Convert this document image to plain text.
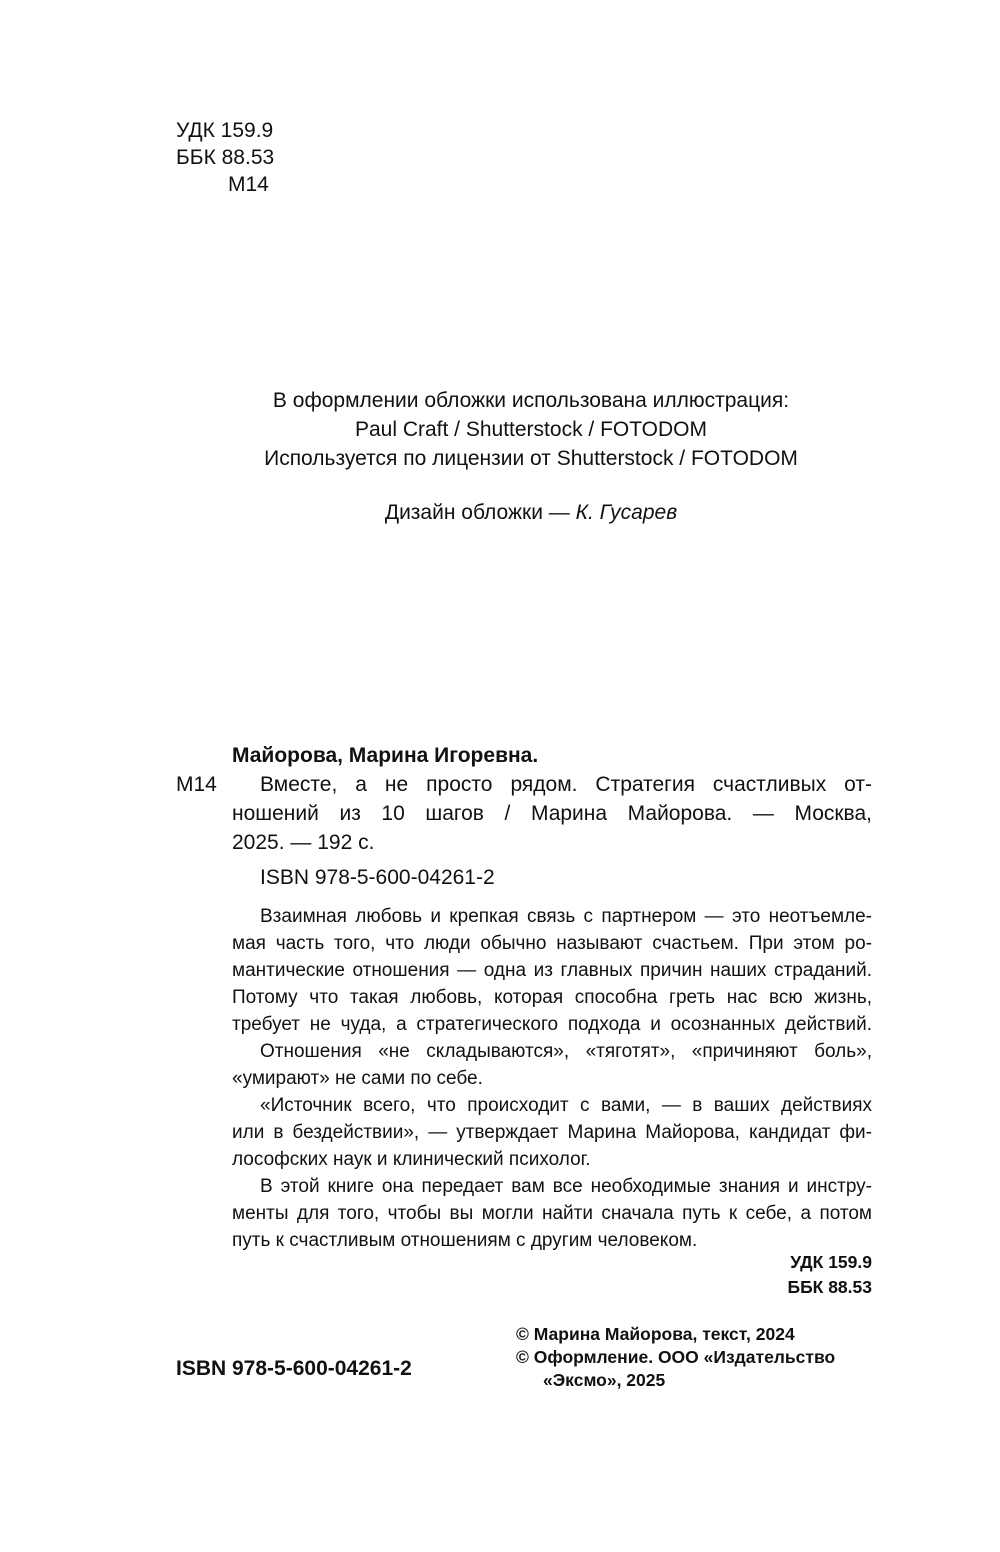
УДК 159.9
ББК 88.53
М14
В оформлении обложки использована иллюстрация:
Paul Craft / Shutterstock / FOTODOM
Используется по лицензии от Shutterstock / FOTODOM
Дизайн обложки — К. Гусарев
Майорова, Марина Игоревна.
М14 Вместе, а не просто рядом. Стратегия счастливых от-
ношений из 10 шагов / Марина Майорова. — Москва,
2025. — 192 с.
ISBN 978-5-600-04261-2
Взаимная любовь и крепкая связь с партнером — это неотъемле-
мая часть того, что люди обычно называют счастьем. При этом ро-
мантические отношения — одна из главных причин наших страданий.
Потому что такая любовь, которая способна греть нас всю жизнь,
требует не чуда, а стратегического подхода и осознанных действий.
Отношения «не складываются», «тяготят», «причиняют боль»,
«умирают» не сами по себе.
«Источник всего, что происходит с вами, — в ваших действиях
или в бездействии», — утверждает Марина Майорова, кандидат фи-
лософских наук и клинический психолог.
В этой книге она передает вам все необходимые знания и инстру-
менты для того, чтобы вы могли найти сначала путь к себе, а потом
путь к счастливым отношениям с другим человеком.
УДК 159.9
ББК 88.53
ISBN 978-5-600-04261-2
© Марина Майорова, текст, 2024
© Оформление. ООО «Издательство
«Эксмо», 2025
